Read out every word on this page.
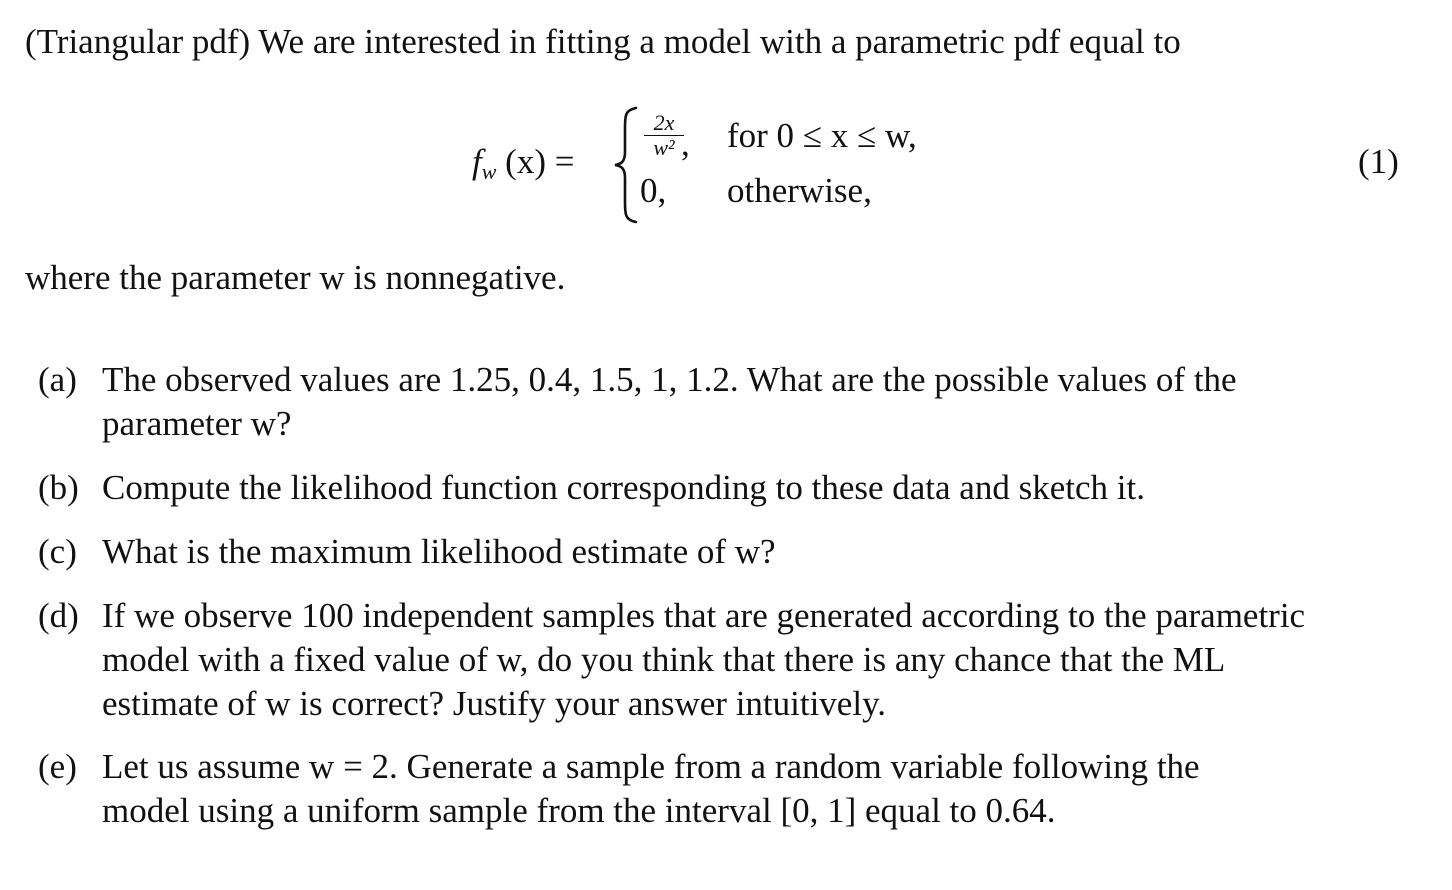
(Triangular pdf) We are interested in fitting a model with a parametric pdf equal to
$f_w$ (x) =
$\frac{2x}{\text{w²}}$
, for 0 ≤ x ≤ w,
0, otherwise,
(1)
where the parameter w is nonnegative.
(a) The observed values are 1.25, 0.4, 1.5, 1, 1.2. What are the possible values of the
parameter w?
(b) Compute the likelihood function corresponding to these data and sketch it.
(c) What is the maximum likelihood estimate of w?
(d) If we observe 100 independent samples that are generated according to the parametric
model with a fixed value of w, do you think that there is any chance that the ML
estimate of w is correct? Justify your answer intuitively.
(e) Let us assume w = 2. Generate a sample from a random variable following the
model using a uniform sample from the interval [0, 1] equal to 0.64.
